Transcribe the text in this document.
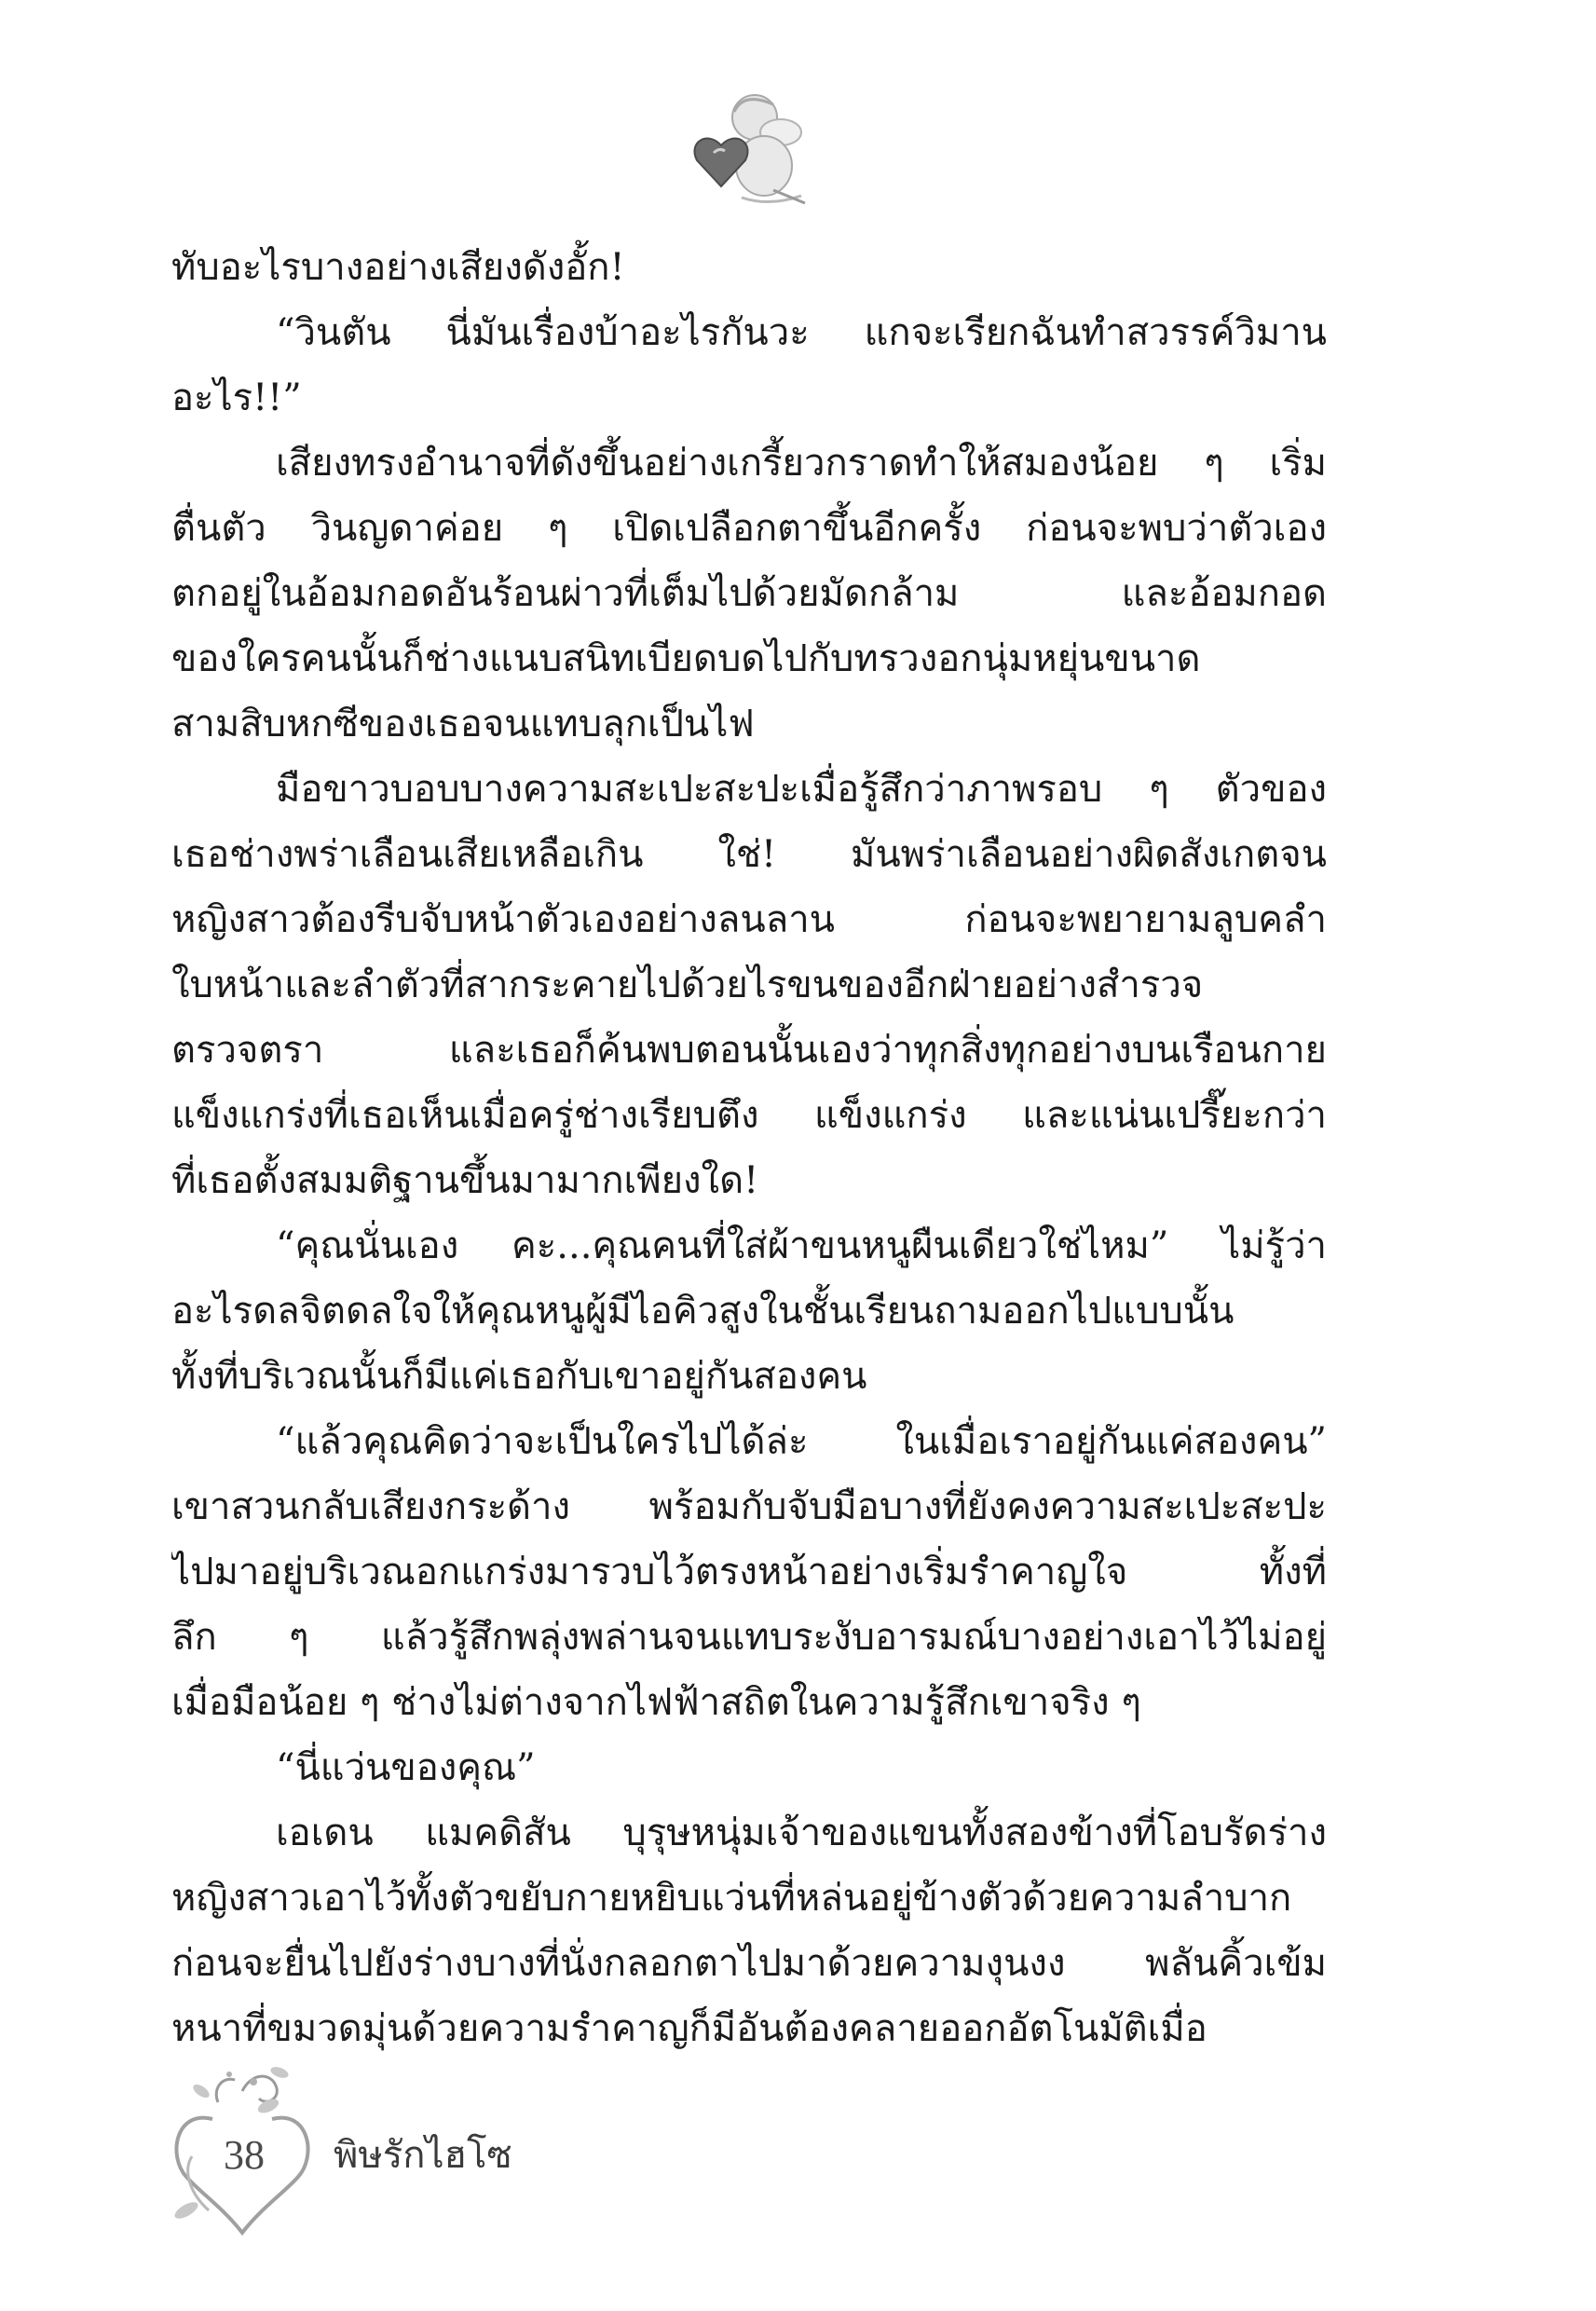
ทับอะไรบางอย่างเสียงดังอั้ก!
“วินตัน นี่มันเรื่องบ้าอะไรกันวะ แกจะเรียกฉันทำสวรรค์วิมาน
อะไร!!”
เสียงทรงอำนาจที่ดังขึ้นอย่างเกรี้ยวกราดทำให้สมองน้อย ๆ เริ่ม
ตื่นตัว วินญดาค่อย ๆ เปิดเปลือกตาขึ้นอีกครั้ง ก่อนจะพบว่าตัวเอง
ตกอยู่ในอ้อมกอดอันร้อนผ่าวที่เต็มไปด้วยมัดกล้าม และอ้อมกอด
ของใครคนนั้นก็ช่างแนบสนิทเบียดบดไปกับทรวงอกนุ่มหยุ่นขนาด
สามสิบหกซีของเธอจนแทบลุกเป็นไฟ
มือขาวบอบบางความสะเปะสะปะเมื่อรู้สึกว่าภาพรอบ ๆ ตัวของ
เธอช่างพร่าเลือนเสียเหลือเกิน ใช่! มันพร่าเลือนอย่างผิดสังเกตจน
หญิงสาวต้องรีบจับหน้าตัวเองอย่างลนลาน ก่อนจะพยายามลูบคลำ
ใบหน้าและลำตัวที่สากระคายไปด้วยไรขนของอีกฝ่ายอย่างสำรวจ
ตรวจตรา และเธอก็ค้นพบตอนนั้นเองว่าทุกสิ่งทุกอย่างบนเรือนกาย
แข็งแกร่งที่เธอเห็นเมื่อครู่ช่างเรียบตึง แข็งแกร่ง และแน่นเปรี๊ยะกว่า
ที่เธอตั้งสมมติฐานขึ้นมามากเพียงใด!
“คุณนั่นเอง คะ...คุณคนที่ใส่ผ้าขนหนูผืนเดียวใช่ไหม” ไม่รู้ว่า
อะไรดลจิตดลใจให้คุณหนูผู้มีไอคิวสูงในชั้นเรียนถามออกไปแบบนั้น
ทั้งที่บริเวณนั้นก็มีแค่เธอกับเขาอยู่กันสองคน
“แล้วคุณคิดว่าจะเป็นใครไปได้ล่ะ ในเมื่อเราอยู่กันแค่สองคน”
เขาสวนกลับเสียงกระด้าง พร้อมกับจับมือบางที่ยังคงความสะเปะสะปะ
ไปมาอยู่บริเวณอกแกร่งมารวบไว้ตรงหน้าอย่างเริ่มรำคาญใจ ทั้งที่
ลึก ๆ แล้วรู้สึกพลุ่งพล่านจนแทบระงับอารมณ์บางอย่างเอาไว้ไม่อยู่
เมื่อมือน้อย ๆ ช่างไม่ต่างจากไฟฟ้าสถิตในความรู้สึกเขาจริง ๆ
“นี่แว่นของคุณ”
เอเดน แมคดิสัน บุรุษหนุ่มเจ้าของแขนทั้งสองข้างที่โอบรัดร่าง
หญิงสาวเอาไว้ทั้งตัวขยับกายหยิบแว่นที่หล่นอยู่ข้างตัวด้วยความลำบาก
ก่อนจะยื่นไปยังร่างบางที่นั่งกลอกตาไปมาด้วยความงุนงง พลันคิ้วเข้ม
หนาที่ขมวดมุ่นด้วยความรำคาญก็มีอันต้องคลายออกอัตโนมัติเมื่อ
38	พิษรักไฮโซ
